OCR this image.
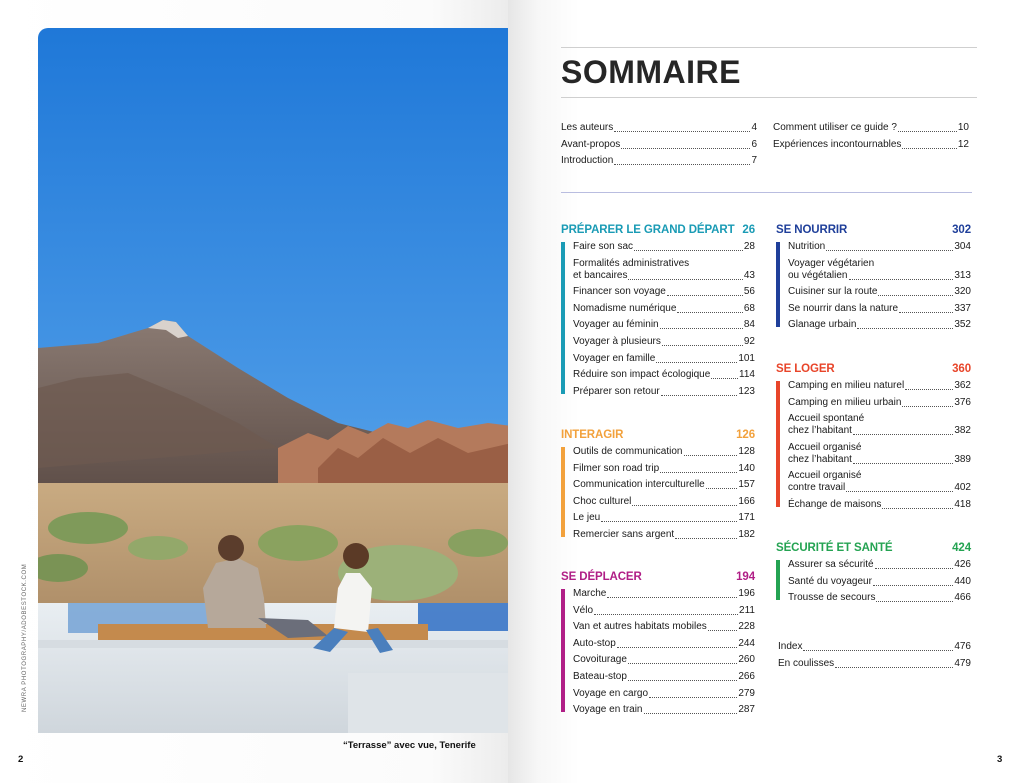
NEWRA PHOTOGRAPHY/ADOBESTOCK.COM
“Terrasse” avec vue, Tenerife
2
SOMMAIRE
Les auteurs	4
Avant-propos	6
Introduction	7
Comment utiliser ce guide ?	10
Expériences incontournables	12
PRÉPARER LE GRAND DÉPART 26
Faire son sac	28
Formalités administratives
et bancaires	43
Financer son voyage	56
Nomadisme numérique	68
Voyager au féminin	84
Voyager à plusieurs	92
Voyager en famille	101
Réduire son impact écologique	114
Préparer son retour	123
INTERAGIR	126
Outils de communication	128
Filmer son road trip	140
Communication interculturelle	157
Choc culturel	166
Le jeu	171
Remercier sans argent	182
SE DÉPLACER	194
Marche	196
Vélo	211
Van et autres habitats mobiles	228
Auto-stop	244
Covoiturage	260
Bateau-stop	266
Voyage en cargo	279
Voyage en train	287
SE NOURRIR	302
Nutrition	304
Voyager végétarien
ou végétalien	313
Cuisiner sur la route	320
Se nourrir dans la nature	337
Glanage urbain	352
SE LOGER	360
Camping en milieu naturel	362
Camping en milieu urbain	376
Accueil spontané
chez l’habitant	382
Accueil organisé
chez l’habitant	389
Accueil organisé
contre travail	402
Échange de maisons	418
SÉCURITÉ ET SANTÉ	424
Assurer sa sécurité	426
Santé du voyageur	440
Trousse de secours	466
Index	476
En coulisses	479
3
